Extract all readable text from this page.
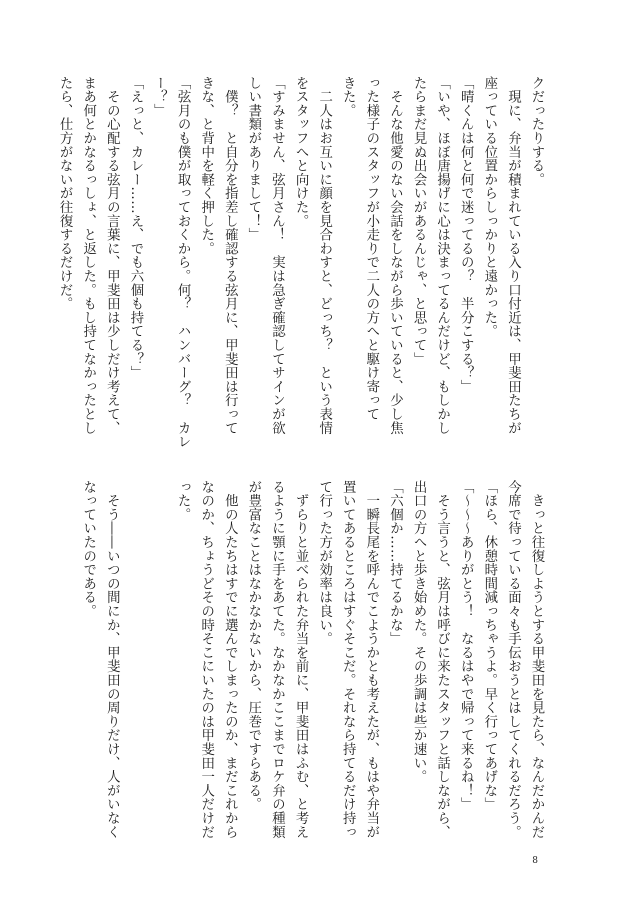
クだったりする。
　現に、弁当が積まれている入り口付近は、甲斐田たちが
座っている位置からしっかりと遠かった。
「晴くんは何と何で迷ってるの？　半分こする？」
「いや、ほぼ唐揚げに心は決まってるんだけど、もしかし
たらまだ見ぬ出会いがあるんじゃ、と思って」
　そんな他愛のない会話をしながら歩いていると、少し焦
った様子のスタッフが小走りで二人の方へと駆け寄って
きた。
　二人はお互いに顔を見合わすと、どっち？　という表情
をスタッフへと向けた。
「すみません、弦月さん！　実は急ぎ確認してサインが欲
しい書類がありまして！」
　僕？　と自分を指差し確認する弦月に、甲斐田は行って
きな、と背中を軽く押した。
「弦月のも僕が取っておくから。何？　ハンバーグ？　カレ
ー？」
「えっと、カレー……え、でも六個も持てる？」
　その心配する弦月の言葉に、甲斐田は少しだけ考えて、
まあ何とかなるっしょ、と返した。もし持てなかったとし
たら、仕方がないが往復するだけだ。
　きっと往復しようとする甲斐田を見たら、なんだかんだ
今席で待っている面々も手伝おうとはしてくれるだろう。
「ほら、休憩時間減っちゃうよ。早く行ってあげな」
「～～～ありがとう！　なるはやで帰って来るね！」
　そう言うと、弦月は呼びに来たスタッフと話しながら、
出口の方へと歩き始めた。その歩調は些か速い。
「六個か……持てるかな」
　一瞬長尾を呼んでこようかとも考えたが、もはや弁当が
置いてあるところはすぐそこだ。それなら持てるだけ持っ
て行った方が効率は良い。
　ずらりと並べられた弁当を前に、甲斐田はふむ、と考え
るように顎に手をあてた。なかなかここまでロケ弁の種類
が豊富なことはなかなかないから、圧巻ですらある。
　他の人たちはすでに選んでしまったのか、まだこれから
なのか、ちょうどその時そこにいたのは甲斐田一人だけだ
った。

　そう――いつの間にか、甲斐田の周りだけ、人がいなく
なっていたのである。
8
